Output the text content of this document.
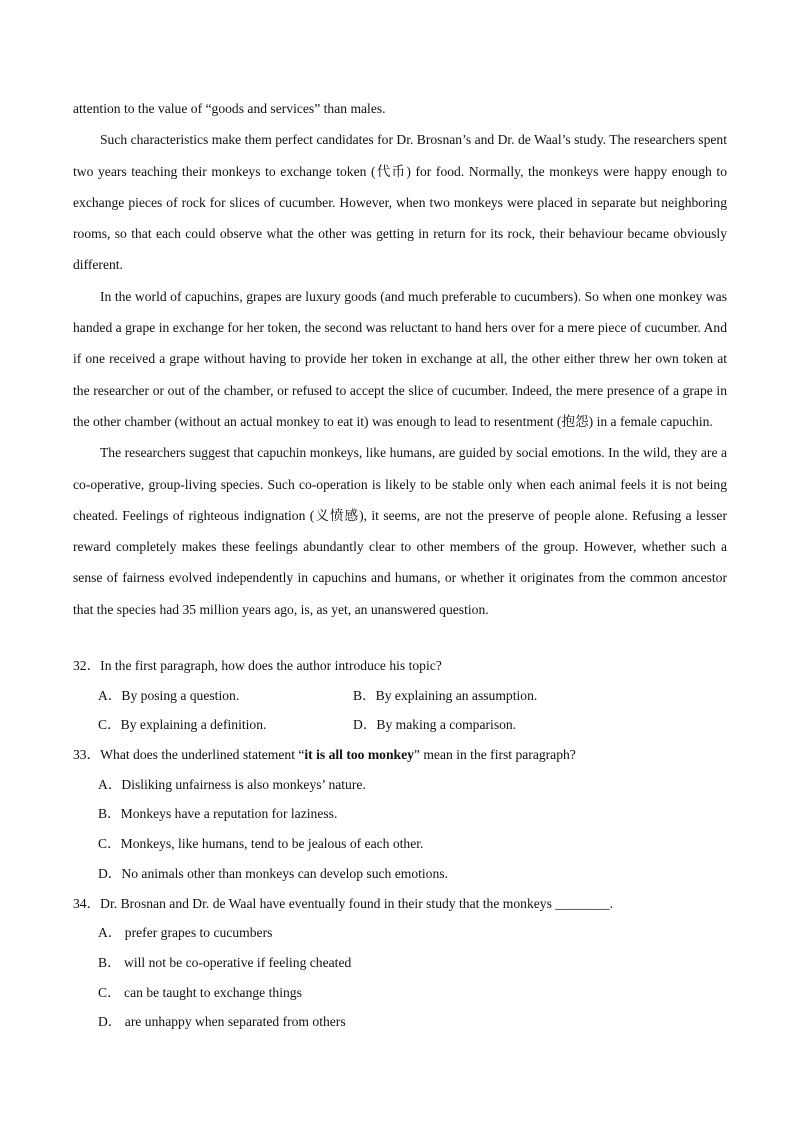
attention to the value of “goods and services” than males.

Such characteristics make them perfect candidates for Dr. Brosnan’s and Dr. de Waal’s study. The researchers spent two years teaching their monkeys to exchange token (代币) for food. Normally, the monkeys were happy enough to exchange pieces of rock for slices of cucumber. However, when two monkeys were placed in separate but neighboring rooms, so that each could observe what the other was getting in return for its rock, their behaviour became obviously different.

In the world of capuchins, grapes are luxury goods (and much preferable to cucumbers). So when one monkey was handed a grape in exchange for her token, the second was reluctant to hand hers over for a mere piece of cucumber. And if one received a grape without having to provide her token in exchange at all, the other either threw her own token at the researcher or out of the chamber, or refused to accept the slice of cucumber. Indeed, the mere presence of a grape in the other chamber (without an actual monkey to eat it) was enough to lead to resentment (抱怨) in a female capuchin.

The researchers suggest that capuchin monkeys, like humans, are guided by social emotions. In the wild, they are a co-operative, group-living species. Such co-operation is likely to be stable only when each animal feels it is not being cheated. Feelings of righteous indignation (义愤感), it seems, are not the preserve of people alone. Refusing a lesser reward completely makes these feelings abundantly clear to other members of the group. However, whether such a sense of fairness evolved independently in capuchins and humans, or whether it originates from the common ancestor that the species had 35 million years ago, is, as yet, an unanswered question.

32．In the first paragraph, how does the author introduce his topic?
A．By posing a question.	B．By explaining an assumption.
C．By explaining a definition.	D．By making a comparison.
33．What does the underlined statement “it is all too monkey” mean in the first paragraph?
A．Disliking unfairness is also monkeys’ nature.
B．Monkeys have a reputation for laziness.
C．Monkeys, like humans, tend to be jealous of each other.
D．No animals other than monkeys can develop such emotions.
34．Dr. Brosnan and Dr. de Waal have eventually found in their study that the monkeys ________.
A． prefer grapes to cucumbers
B． will not be co-operative if feeling cheated
C． can be taught to exchange things
D． are unhappy when separated from others
